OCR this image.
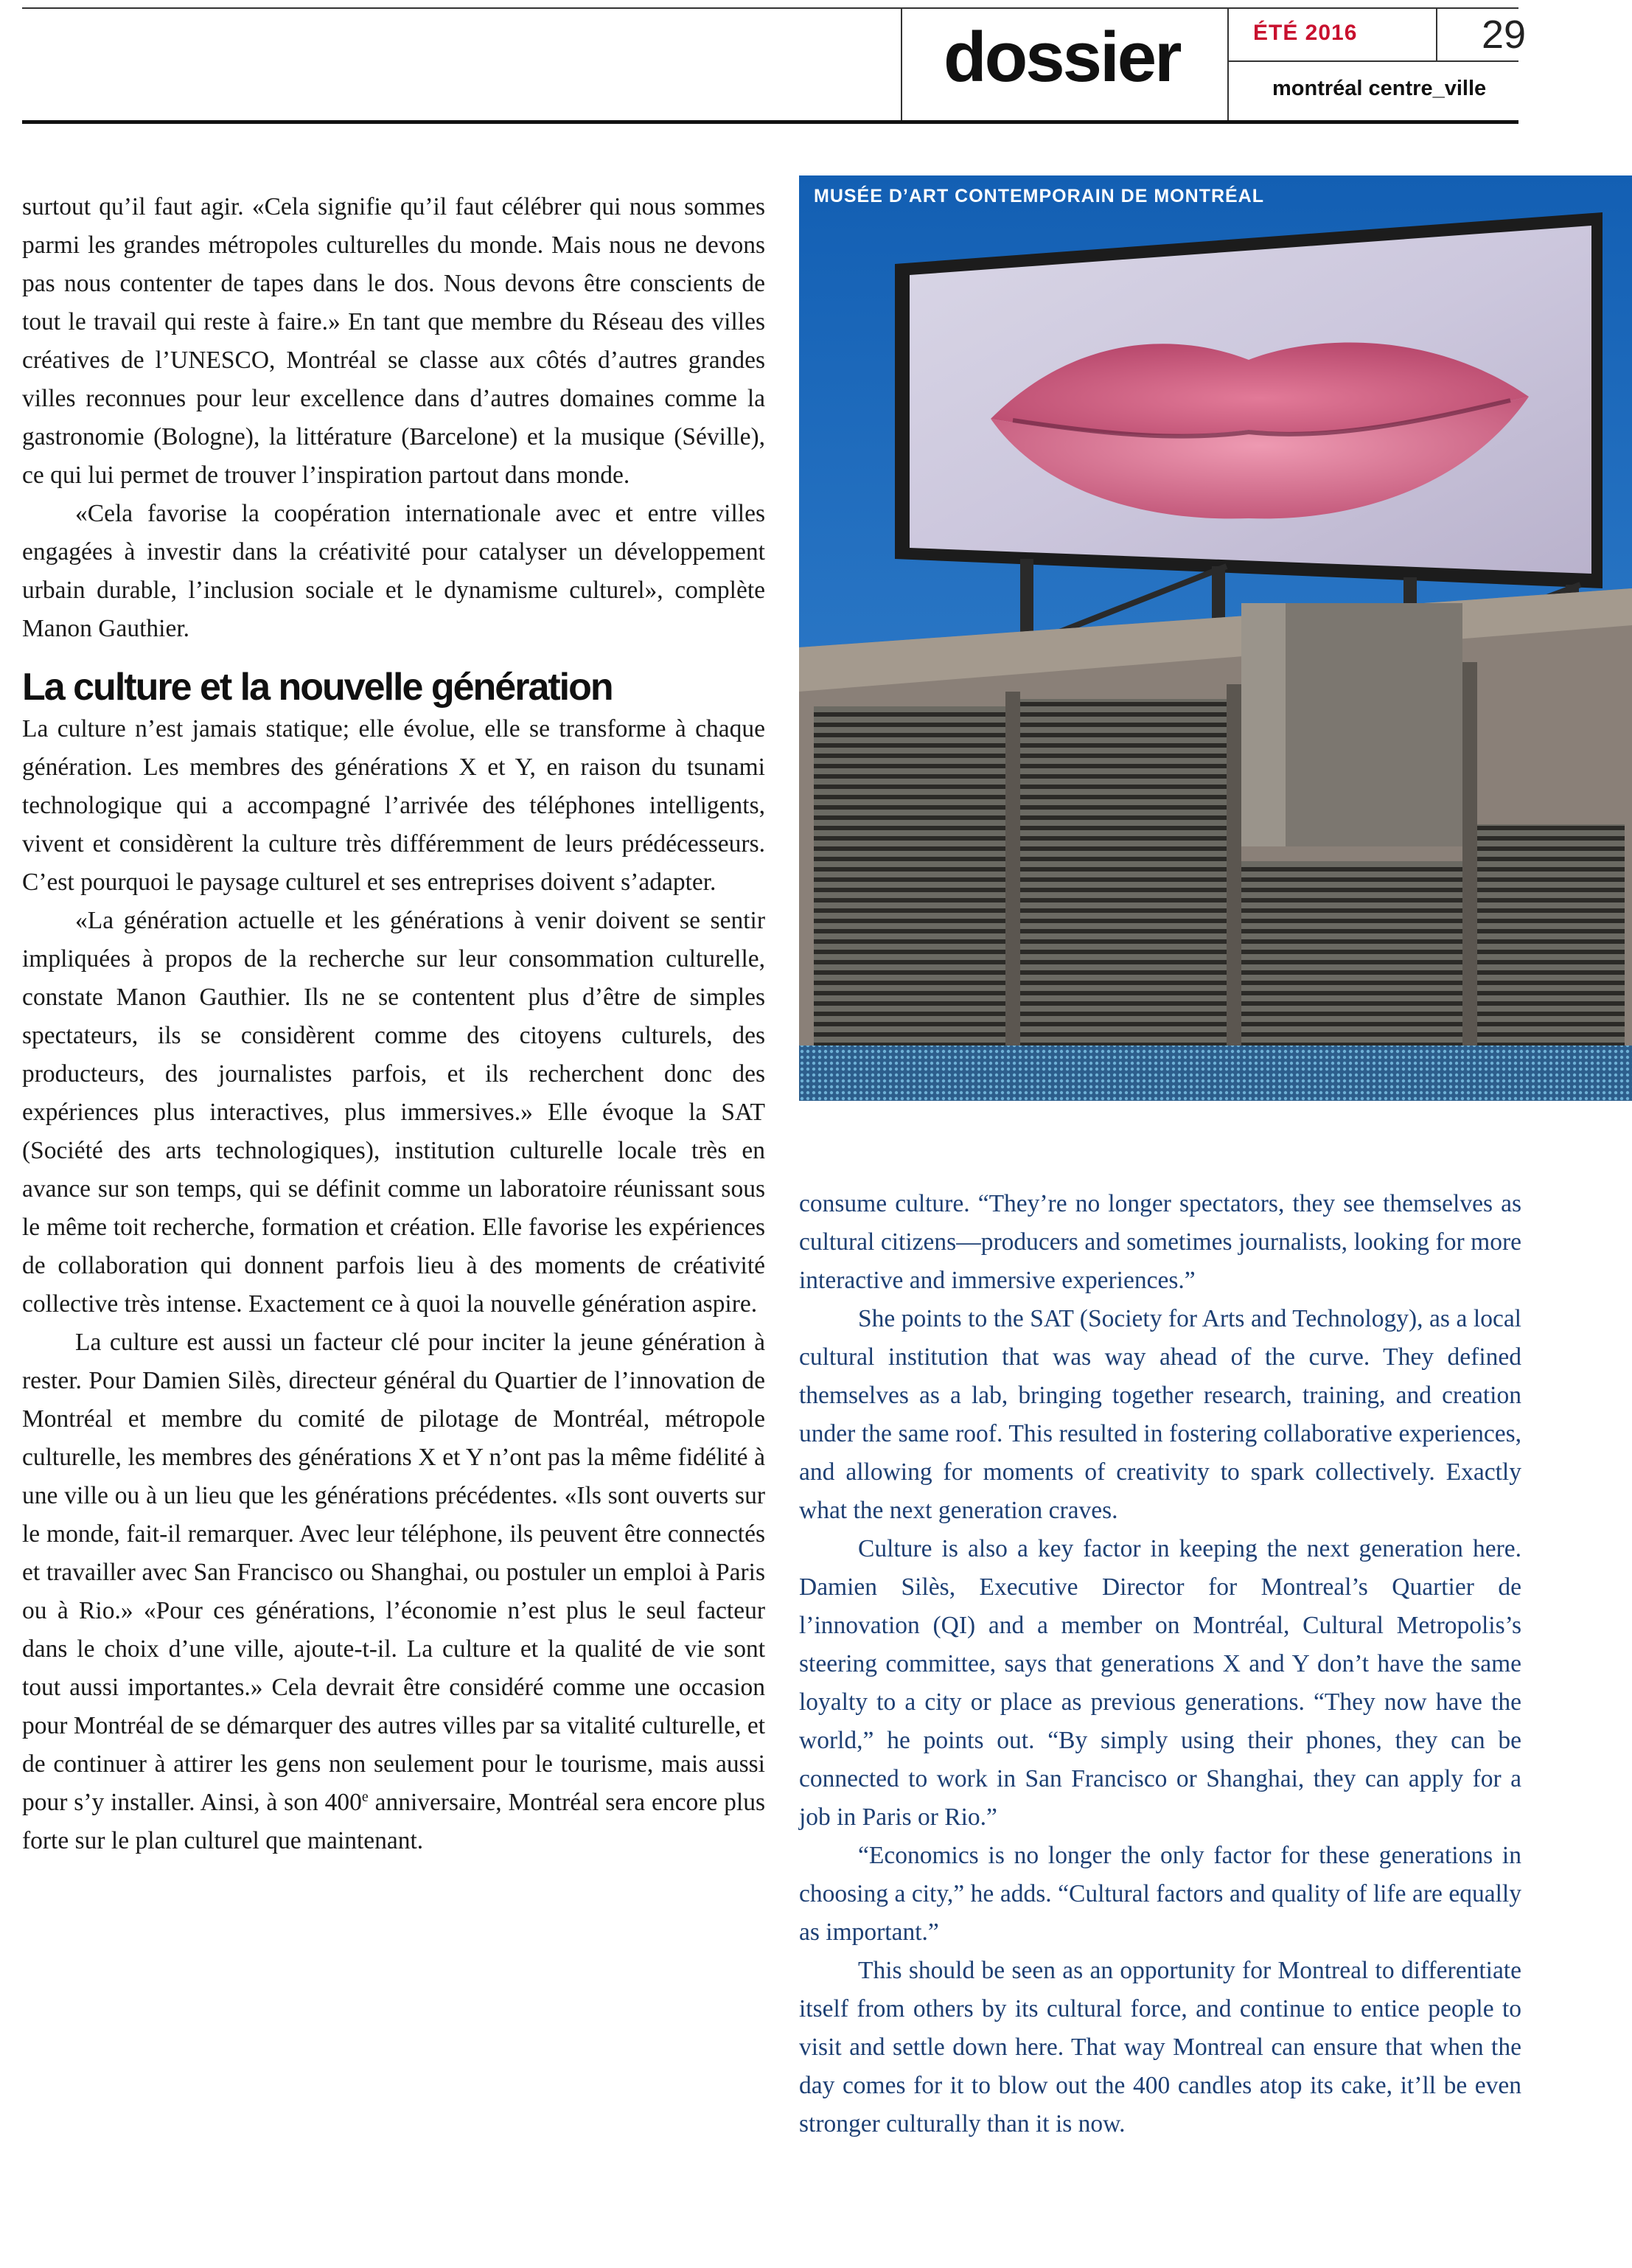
dossier	ÉTÉ 2016	29
montréal centre_ville

surtout qu’il faut agir. «Cela signifie qu’il faut célébrer qui nous sommes parmi les grandes métropoles culturelles du monde. Mais nous ne devons pas nous contenter de tapes dans le dos. Nous devons être conscients de tout le travail qui reste à faire.» En tant que membre du Réseau des villes créatives de l’UNESCO, Montréal se classe aux côtés d’autres grandes villes reconnues pour leur excellence dans d’autres domaines comme la gastronomie (Bologne), la littérature (Barcelone) et la musique (Séville), ce qui lui permet de trouver l’inspiration partout dans monde.

«Cela favorise la coopération internationale avec et entre villes engagées à investir dans la créativité pour catalyser un développement urbain durable, l’inclusion sociale et le dynamisme culturel», complète Manon Gauthier.

La culture et la nouvelle génération

La culture n’est jamais statique; elle évolue, elle se transforme à chaque génération. Les membres des générations X et Y, en raison du tsunami technologique qui a accompagné l’arrivée des téléphones intelligents, vivent et considèrent la culture très différemment de leurs prédécesseurs. C’est pourquoi le paysage culturel et ses entreprises doivent s’adapter.

«La génération actuelle et les générations à venir doivent se sentir impliquées à propos de la recherche sur leur consommation culturelle, constate Manon Gauthier. Ils ne se contentent plus d’être de simples spectateurs, ils se considèrent comme des citoyens culturels, des producteurs, des journalistes parfois, et ils recherchent donc des expériences plus interactives, plus immersives.» Elle évoque la SAT (Société des arts technologiques), institution culturelle locale très en avance sur son temps, qui se définit comme un laboratoire réunissant sous le même toit recherche, formation et création. Elle favorise les expériences de collaboration qui donnent parfois lieu à des moments de créativité collective très intense. Exactement ce à quoi la nouvelle génération aspire.

La culture est aussi un facteur clé pour inciter la jeune génération à rester. Pour Damien Silès, directeur général du Quartier de l’innovation de Montréal et membre du comité de pilotage de Montréal, métropole culturelle, les membres des générations X et Y n’ont pas la même fidélité à une ville ou à un lieu que les générations précédentes. «Ils sont ouverts sur le monde, fait-il remarquer. Avec leur téléphone, ils peuvent être connectés et travailler avec San Francisco ou Shanghai, ou postuler un emploi à Paris ou à Rio.» «Pour ces générations, l’économie n’est plus le seul facteur dans le choix d’une ville, ajoute-t-il. La culture et la qualité de vie sont tout aussi importantes.» Cela devrait être considéré comme une occasion pour Montréal de se démarquer des autres villes par sa vitalité culturelle, et de continuer à attirer les gens non seulement pour le tourisme, mais aussi pour s’y installer. Ainsi, à son 400e anniversaire, Montréal sera encore plus forte sur le plan culturel que maintenant.

MUSÉE D’ART CONTEMPORAIN DE MONTRÉAL

consume culture. “They’re no longer spectators, they see themselves as cultural citizens—producers and sometimes journalists, looking for more interactive and immersive experiences.”

She points to the SAT (Society for Arts and Technology), as a local cultural institution that was way ahead of the curve. They defined themselves as a lab, bringing together research, training, and creation under the same roof. This resulted in fostering collaborative experiences, and allowing for moments of creativity to spark collectively. Exactly what the next generation craves.

Culture is also a key factor in keeping the next generation here. Damien Silès, Executive Director for Montreal’s Quartier de l’innovation (QI) and a member on Montréal, Cultural Metropolis’s steering committee, says that generations X and Y don’t have the same loyalty to a city or place as previous generations. “They now have the world,” he points out. “By simply using their phones, they can be connected to work in San Francisco or Shanghai, they can apply for a job in Paris or Rio.”

“Economics is no longer the only factor for these generations in choosing a city,” he adds. “Cultural factors and quality of life are equally as important.”

This should be seen as an opportunity for Montreal to differentiate itself from others by its cultural force, and continue to entice people to visit and settle down here. That way Montreal can ensure that when the day comes for it to blow out the 400 candles atop its cake, it’ll be even stronger culturally than it is now.
